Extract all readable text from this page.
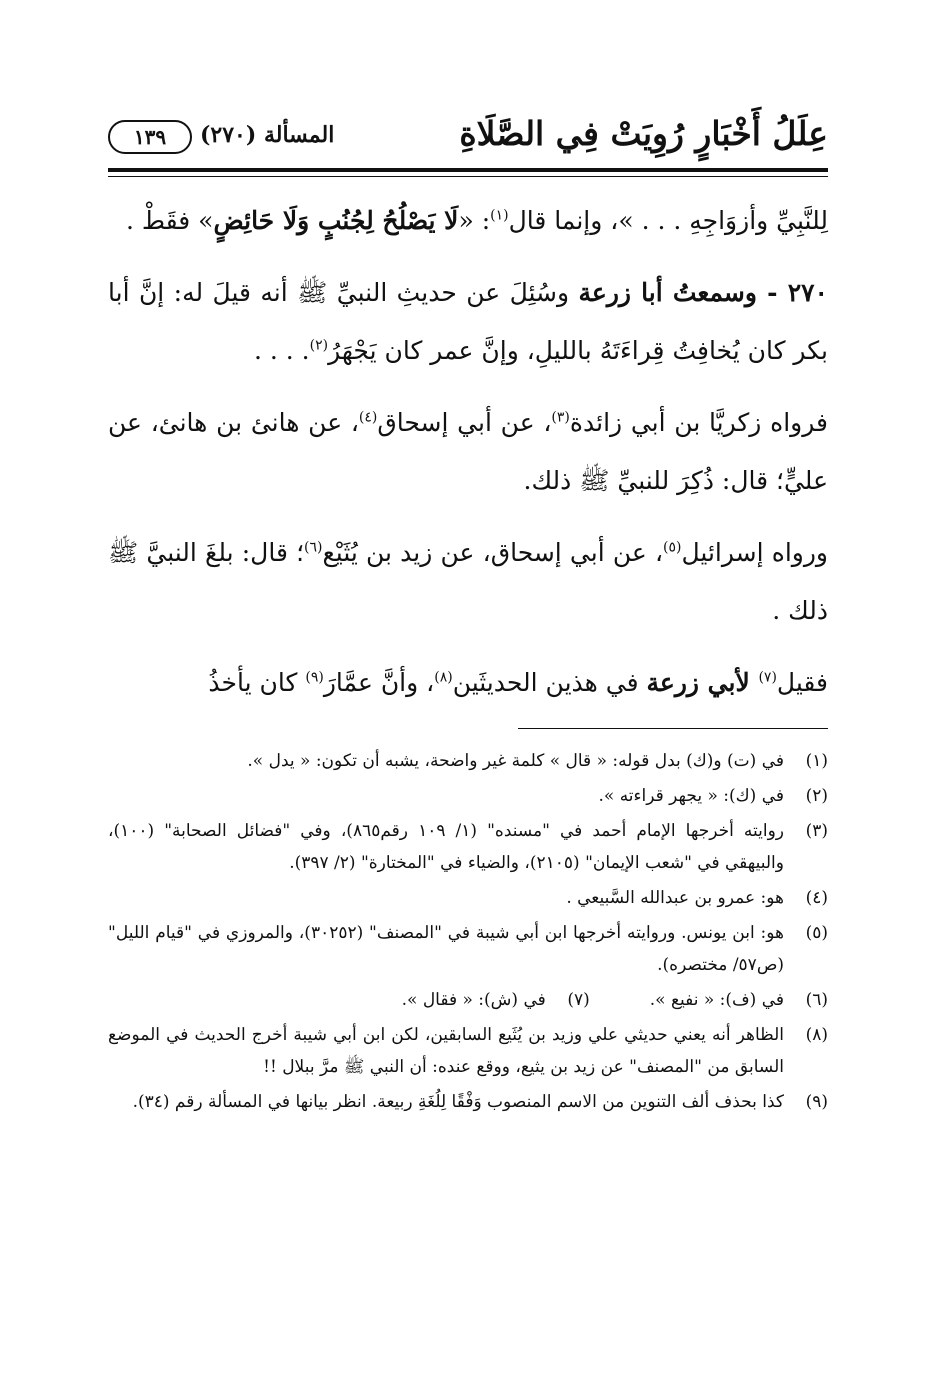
عِلَلُ أَخْبَارٍ رُوِيَتْ فِي الصَّلَاةِ
المسألة (٢٧٠)
١٣٩

لِلنَّبِيِّ وأزوَاجِهِ . . . »، وإنما قال$^{(١)}$: «لَا يَصْلُحُ لِجُنُبٍ وَلَا حَائِضٍ» فقَطْ .

٢٧٠ - وسمعتُ أبا زرعة وسُئِلَ عن حديثِ النبيِّ ﷺ أنه قيلَ له: إنَّ أبا بكر كان يُخافِتُ قِراءَتَهُ بالليلِ، وإنَّ عمر كان يَجْهَرُ$^{(٢)}$. . . .

فرواه زكريَّا بن أبي زائدة$^{(٣)}$، عن أبي إسحاق$^{(٤)}$، عن هانئ بن هانئ، عن عليٍّ؛ قال: ذُكِرَ للنبيِّ ﷺ ذلك.

ورواه إسرائيل$^{(٥)}$، عن أبي إسحاق، عن زيد بن يُثَيْع$^{(٦)}$؛ قال: بلغَ النبيَّ ﷺ ذلك .

فقيل$^{(٧)}$ لأبي زرعة في هذين الحديثَين$^{(٨)}$، وأنَّ عمَّارَ$^{(٩)}$ كان يأخذُ

(١)
في (ت) و(ك) بدل قوله: « قال » كلمة غير واضحة، يشبه أن تكون: « يدل ».
(٢)
في (ك): « يجهر قراءته ».
(٣)
روايته أخرجها الإمام أحمد في "مسنده" (١/ ١٠٩ رقم٨٦٥)، وفي "فضائل الصحابة" (١٠٠)، والبيهقي في "شعب الإيمان" (٢١٠٥)، والضياء في "المختارة" (٢/ ٣٩٧).
(٤)
هو: عمرو بن عبدالله السَّبيعي .
(٥)
هو: ابن يونس. وروايته أخرجها ابن أبي شيبة في "المصنف" (٣٠٢٥٢)، والمروزي في "قيام الليل" (ص٥٧/ مختصره).
(٦)
في (ف): « نفيع ».
(٧)
في (ش): « فقال ».
(٨)
الظاهر أنه يعني حديثي علي وزيد بن يُثَيع السابقين، لكن ابن أبي شيبة أخرج الحديث في الموضع السابق من "المصنف" عن زيد بن يثيع، ووقع عنده: أن النبي ﷺ مرَّ ببلال !!
(٩)
كذا بحذف ألف التنوين من الاسم المنصوب وَفْقًا لِلُغَةِ ربيعة. انظر بيانها في المسألة رقم (٣٤).
